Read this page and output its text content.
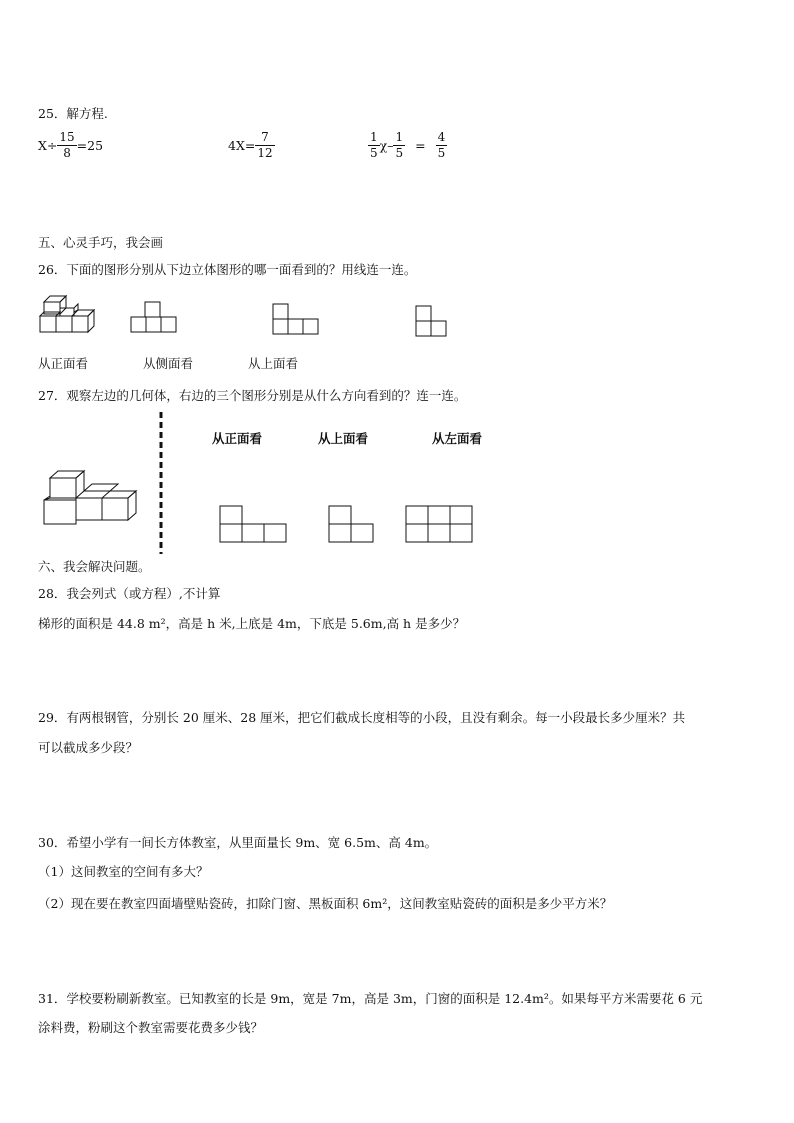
25．解方程.
$X\div \frac{15}{8} =25$	$4X= \frac{7}{12}$	$\frac{1}{5} \chi- \frac{1}{5} = \frac{4}{5}$
五、心灵手巧，我会画
26．下面的图形分别从下边立体图形的哪一面看到的？用线连一连。
从正面看	从侧面看	从上面看
27．观察左边的几何体，右边的三个图形分别是从什么方向看到的？连一连。
从正面看	从上面看	从左面看
六、我会解决问题。
28．我会列式（或方程）,不计算
梯形的面积是 44.8 m²，高是 h 米,上底是 4m，下底是 5.6m,高 h 是多少？
29．有两根钢管，分别长 20 厘米、28 厘米，把它们截成长度相等的小段，且没有剩余。每一小段最长多少厘米？共
可以截成多少段？
30．希望小学有一间长方体教室，从里面量长 9m、宽 6.5m、高 4m。
（1）这间教室的空间有多大？
（2）现在要在教室四面墙壁贴瓷砖，扣除门窗、黑板面积 6m²，这间教室贴瓷砖的面积是多少平方米？
31．学校要粉刷新教室。已知教室的长是 9m，宽是 7m，高是 3m，门窗的面积是 12.4m²。如果每平方米需要花 6 元
涂料费，粉刷这个教室需要花费多少钱？
